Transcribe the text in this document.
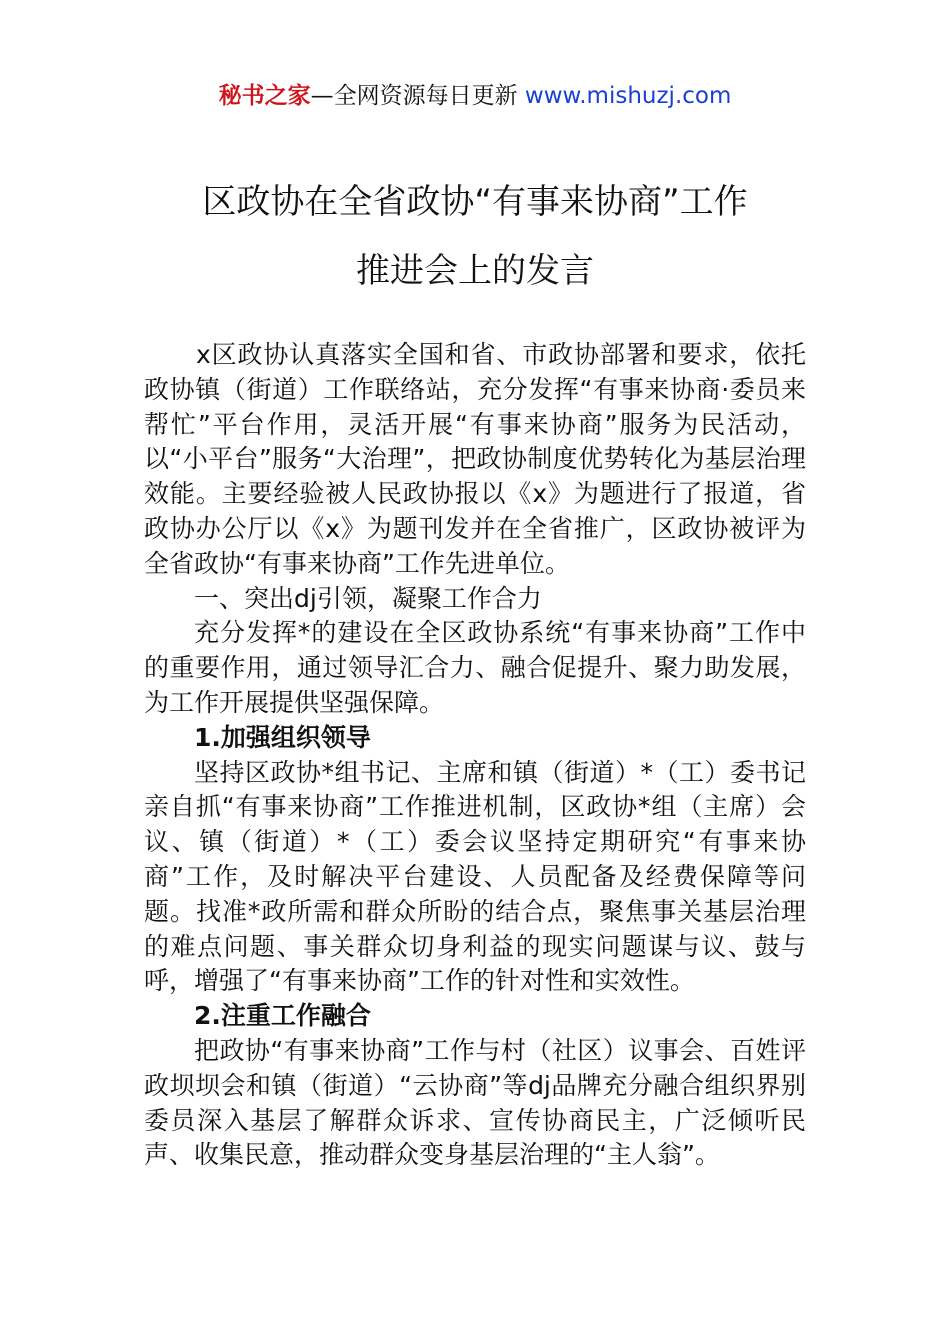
秘书之家—全网资源每日更新 www.mishuzj.com
区政协在全省政协“有事来协商”工作
推进会上的发言

x区政协认真落实全国和省、市政协部署和要求，依托政协镇（街道）工作联络站，充分发挥“有事来协商·委员来帮忙”平台作用，灵活开展“有事来协商”服务为民活动，以“小平台”服务“大治理”，把政协制度优势转化为基层治理效能。主要经验被人民政协报以《x》为题进行了报道，省政协办公厅以《x》为题刊发并在全省推广，区政协被评为全省政协“有事来协商”工作先进单位。

一、突出dj引领，凝聚工作合力

充分发挥*的建设在全区政协系统“有事来协商”工作中的重要作用，通过领导汇合力、融合促提升、聚力助发展，为工作开展提供坚强保障。

1.加强组织领导

坚持区政协*组书记、主席和镇（街道）*（工）委书记亲自抓“有事来协商”工作推进机制，区政协*组（主席）会议、镇（街道）*（工）委会议坚持定期研究“有事来协商”工作，及时解决平台建设、人员配备及经费保障等问题。找准*政所需和群众所盼的结合点，聚焦事关基层治理的难点问题、事关群众切身利益的现实问题谋与议、鼓与呼，增强了“有事来协商”工作的针对性和实效性。

2.注重工作融合

把政协“有事来协商”工作与村（社区）议事会、百姓评政坝坝会和镇（街道）“云协商”等dj品牌充分融合组织界别委员深入基层了解群众诉求、宣传协商民主，广泛倾听民声、收集民意，推动群众变身基层治理的“主人翁”。
